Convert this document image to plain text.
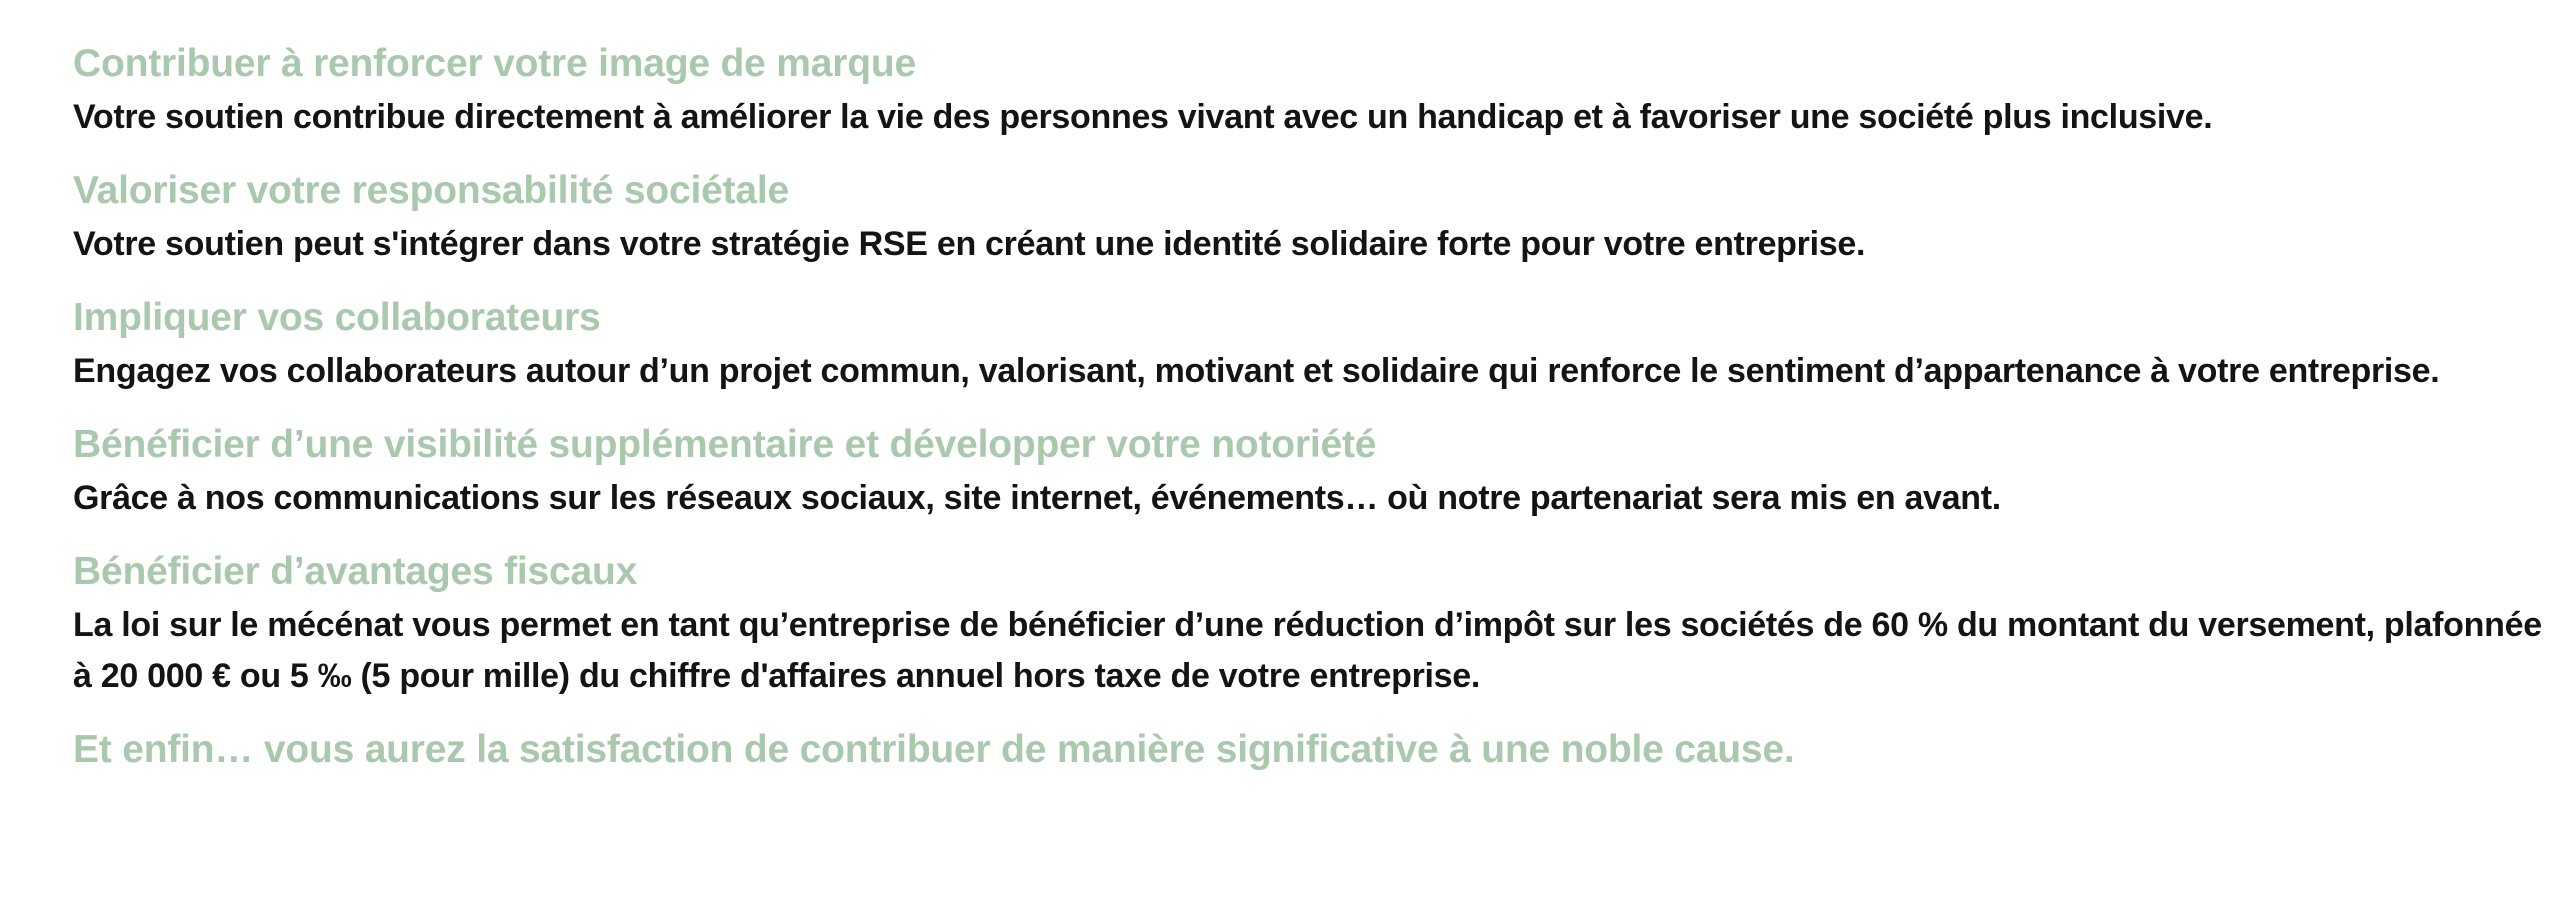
Contribuer à renforcer votre image de marque

Votre soutien contribue directement à améliorer la vie des personnes vivant avec un handicap et à favoriser une société plus inclusive.

Valoriser votre responsabilité sociétale

Votre soutien peut s'intégrer dans votre stratégie RSE en créant une identité solidaire forte pour votre entreprise.

Impliquer vos collaborateurs

Engagez vos collaborateurs autour d’un projet commun, valorisant, motivant et solidaire qui renforce le sentiment d’appartenance à votre entreprise.

Bénéficier d’une visibilité supplémentaire et développer votre notoriété

Grâce à nos communications sur les réseaux sociaux, site internet, événements… où notre partenariat sera mis en avant.

Bénéficier d’avantages fiscaux

La loi sur le mécénat vous permet en tant qu’entreprise de bénéficier d’une réduction d’impôt sur les sociétés de 60 % du montant du versement, plafonnée à 20 000 € ou 5 ‰ (5 pour mille) du chiffre d'affaires annuel hors taxe de votre entreprise.

Et enfin… vous aurez la satisfaction de contribuer de manière significative à une noble cause.
